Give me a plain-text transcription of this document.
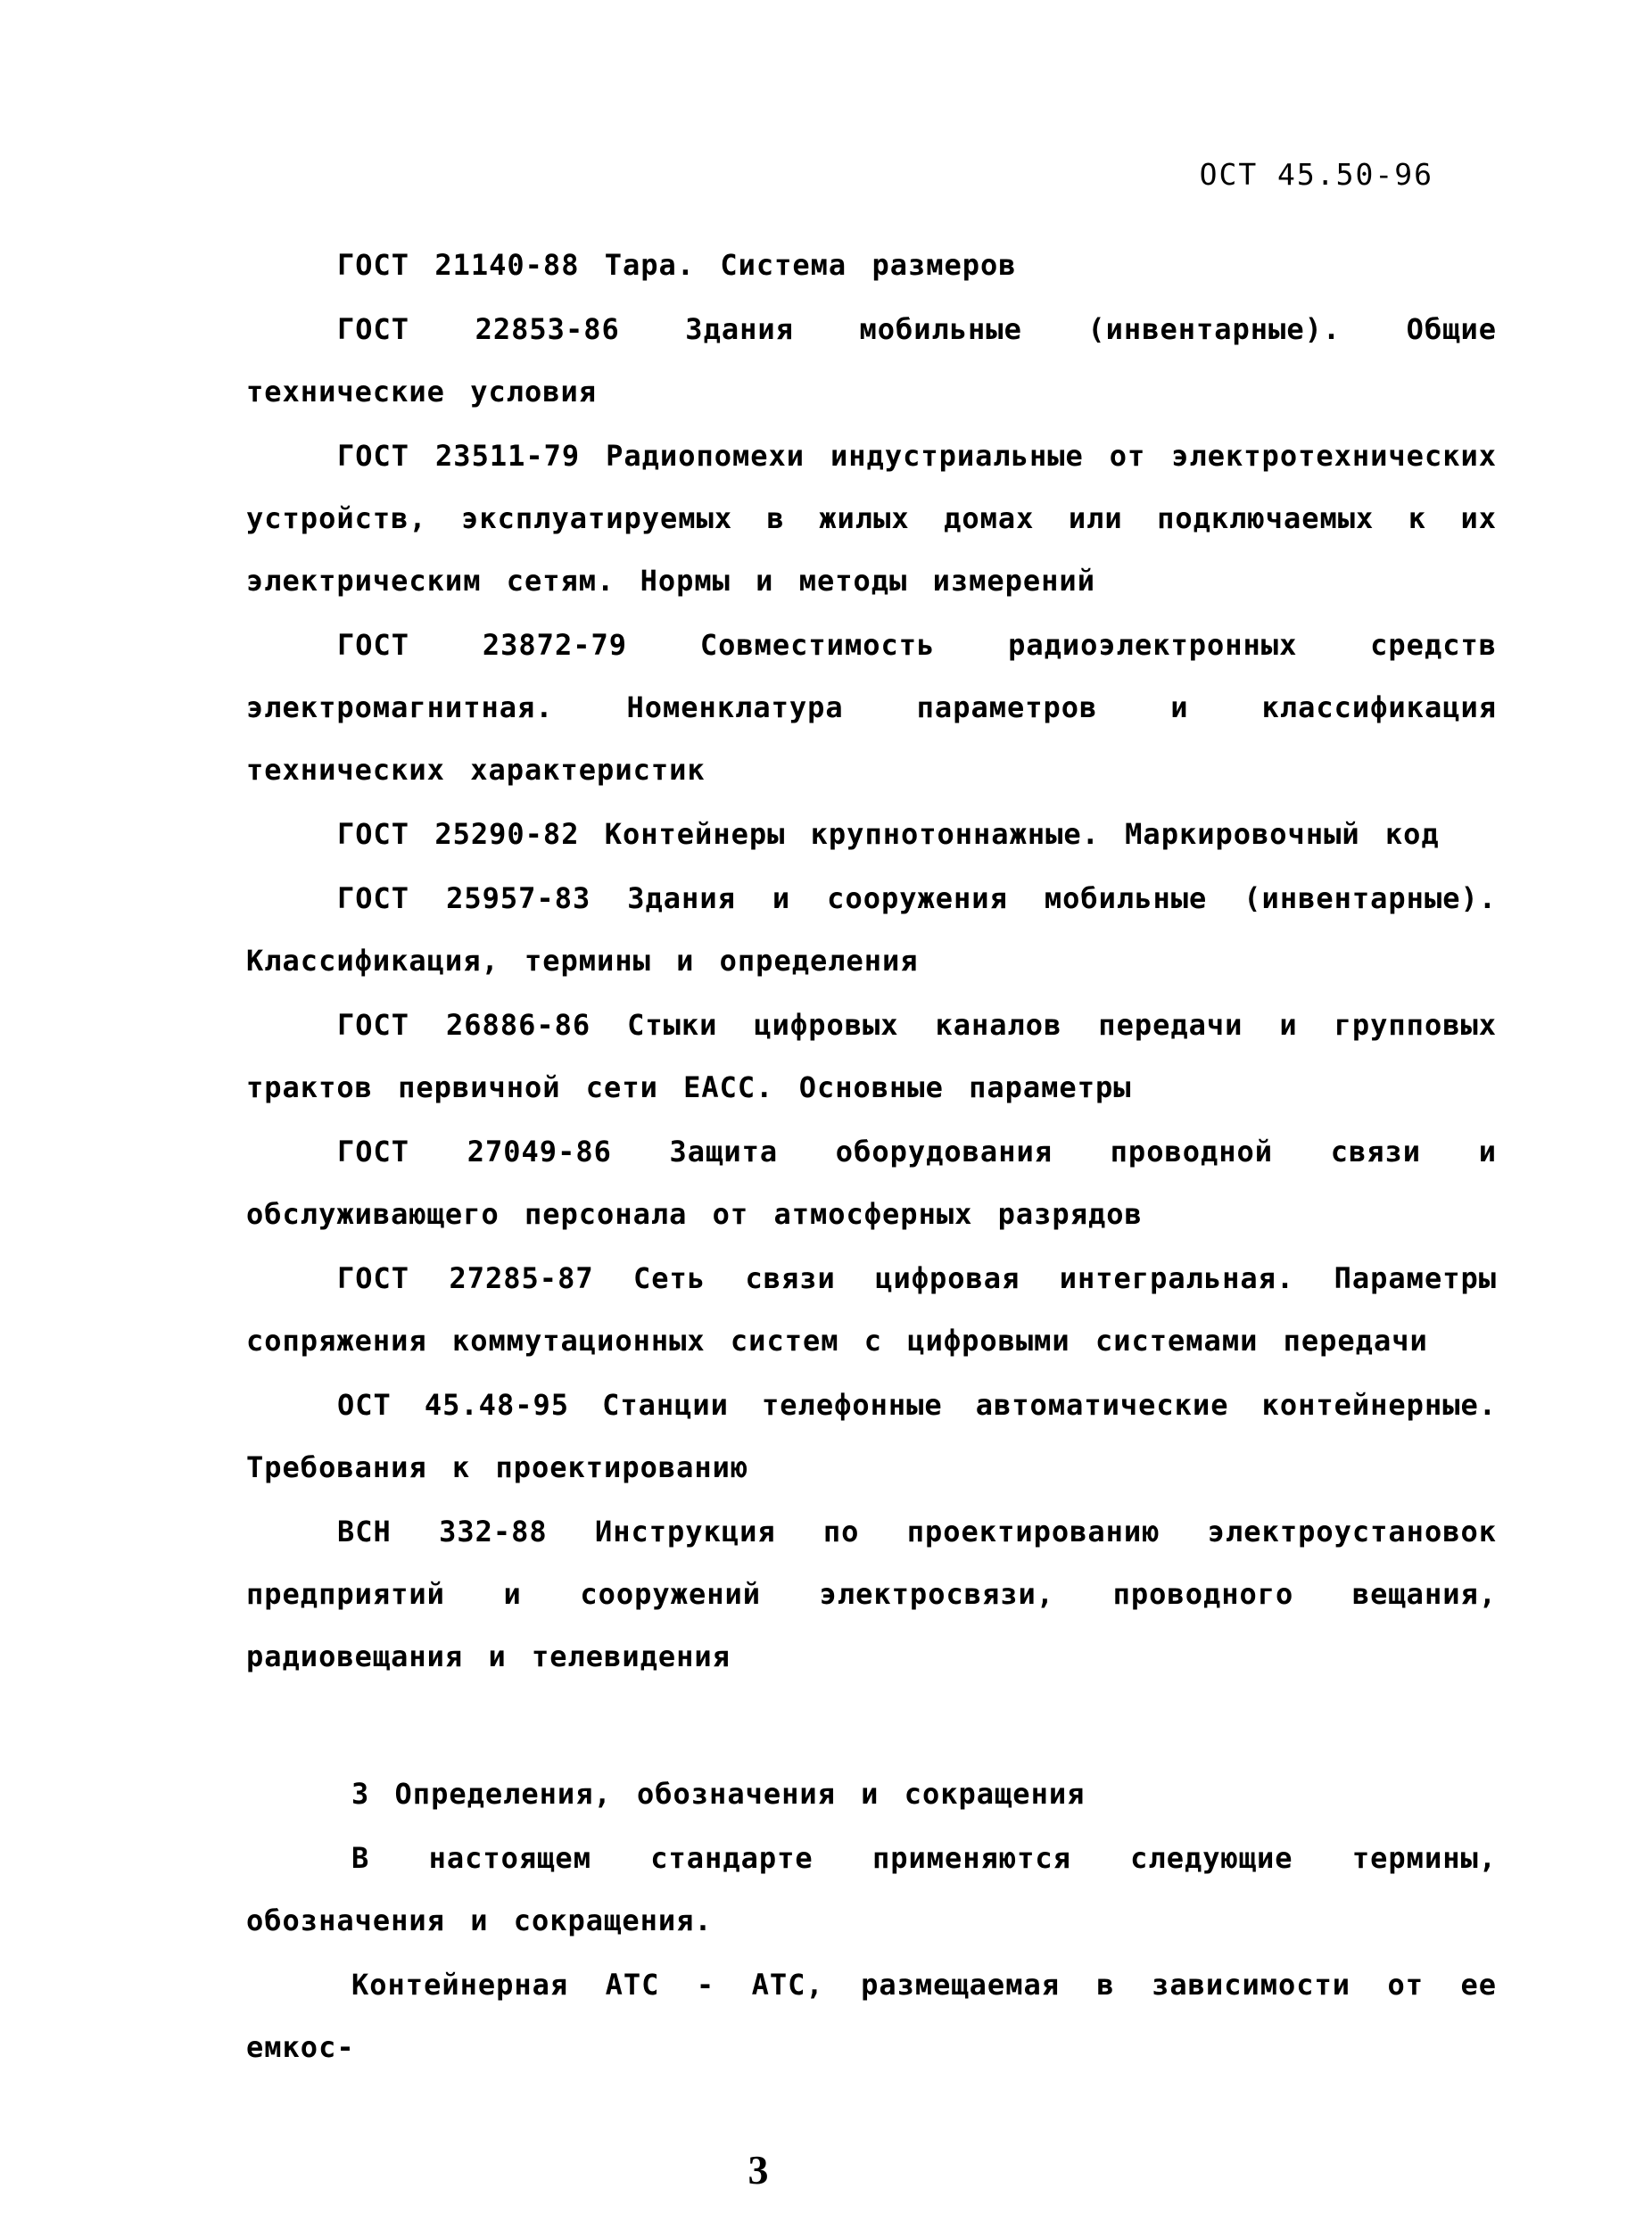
ОСТ 45.50-96

ГОСТ 21140-88 Тара. Система размеров

ГОСТ 22853-86 Здания мобильные (инвентарные). Общие технические условия

ГОСТ 23511-79 Радиопомехи индустриальные от электротехнических устройств, эксплуатируемых в жилых домах или подключаемых к их электрическим сетям. Нормы и методы измерений

ГОСТ 23872-79 Совместимость радиоэлектронных средств электромагнитная. Номенклатура параметров и классификация технических характеристик

ГОСТ 25290-82 Контейнеры крупнотоннажные. Маркировочный код

ГОСТ 25957-83 Здания и сооружения мобильные (инвентарные). Классификация, термины и определения

ГОСТ 26886-86 Стыки цифровых каналов передачи и групповых трактов первичной сети ЕАСС. Основные параметры

ГОСТ 27049-86 Защита оборудования проводной связи и обслуживающего персонала от атмосферных разрядов

ГОСТ 27285-87 Сеть связи цифровая интегральная. Параметры сопряжения коммутационных систем с цифровыми системами передачи

ОСТ 45.48-95 Станции телефонные автоматические контейнерные. Требования к проектированию

ВСН 332-88 Инструкция по проектированию электроустановок предприятий и сооружений электросвязи, проводного вещания, радиовещания и телевидения

3 Определения, обозначения и сокращения

В настоящем стандарте применяются следующие термины, обозначения и сокращения.

Контейнерная АТС - АТС, размещаемая в зависимости от ее емкос-

3
